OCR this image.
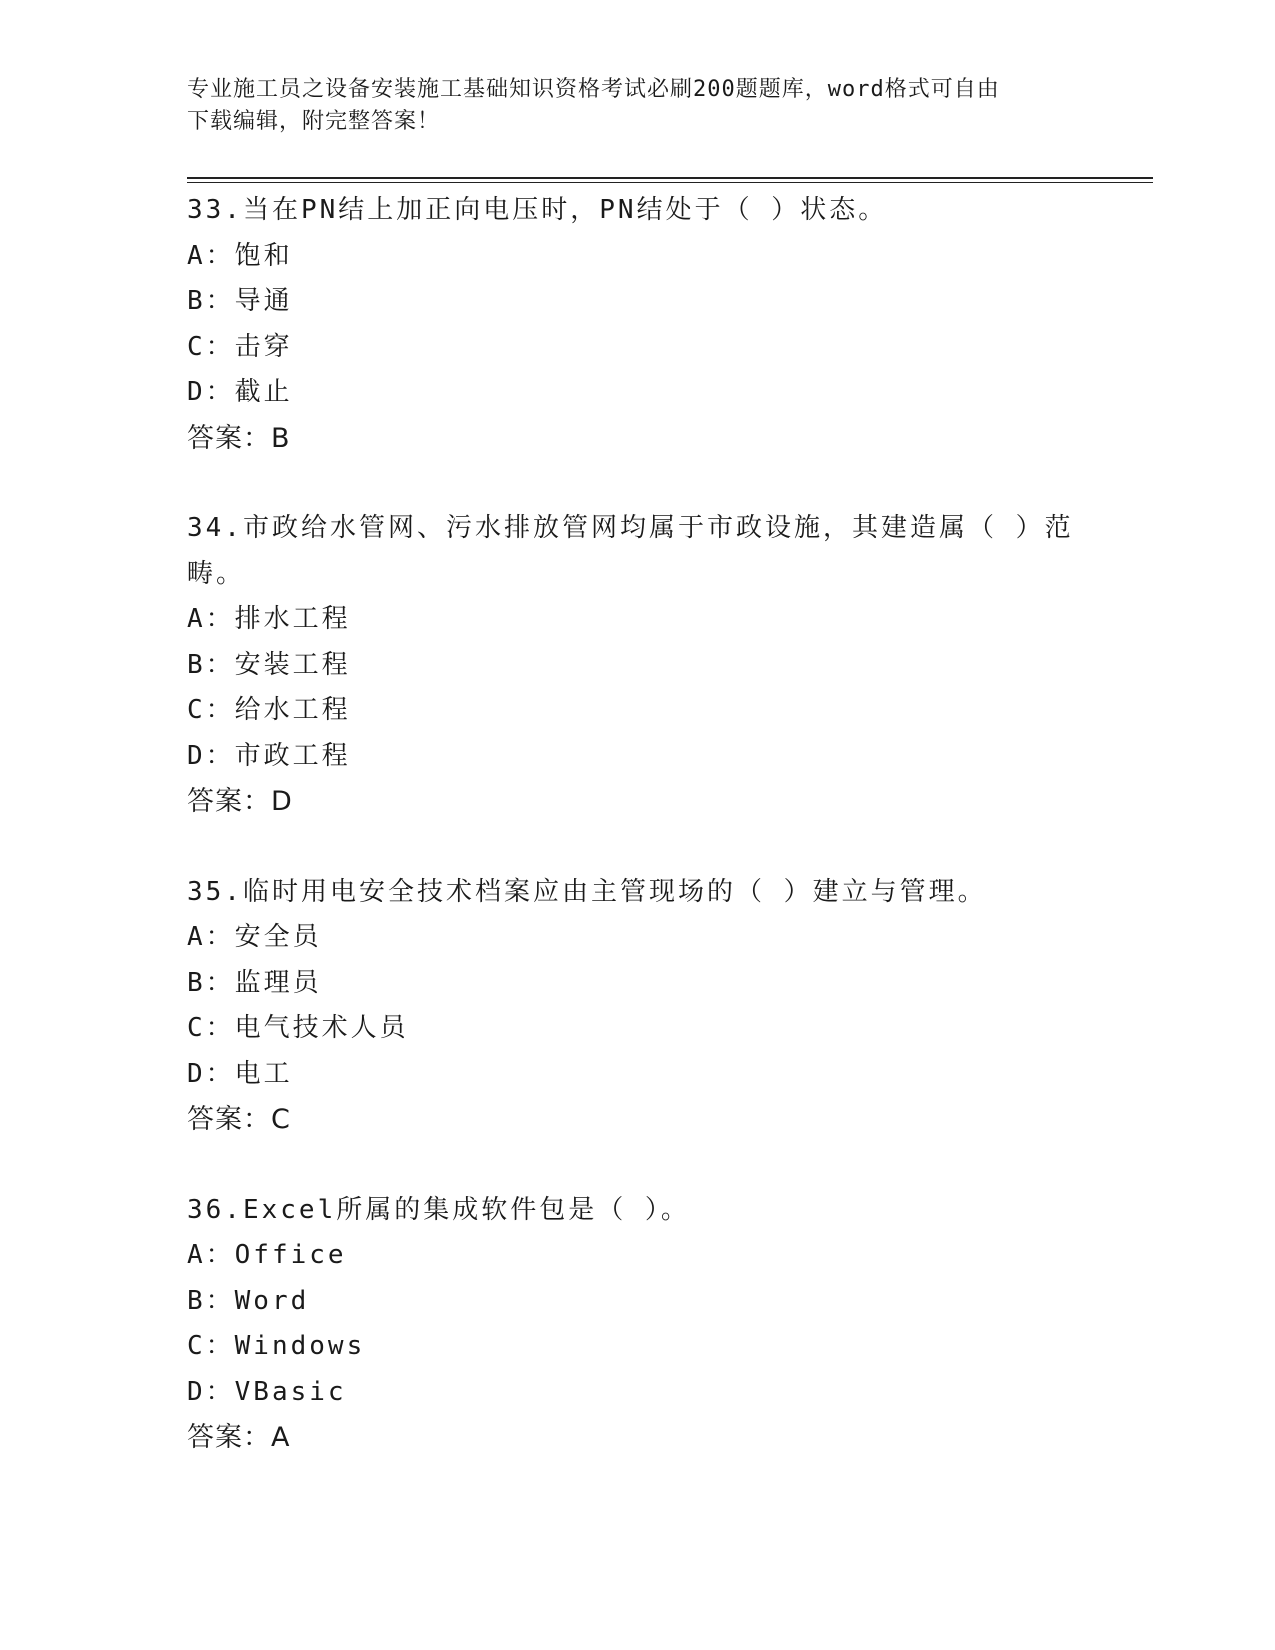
专业施工员之设备安装施工基础知识资格考试必刷200题题库，word格式可自由
下载编辑，附完整答案！
33.当在PN结上加正向电压时，PN结处于（ ）状态。
A：饱和
B：导通
C：击穿
D：截止
答案：B
34.市政给水管网、污水排放管网均属于市政设施，其建造属（ ）范
畴。
A：排水工程
B：安装工程
C：给水工程
D：市政工程
答案：D
35.临时用电安全技术档案应由主管现场的（ ）建立与管理。
A：安全员
B：监理员
C：电气技术人员
D：电工
答案：C
36.Excel所属的集成软件包是（ ）。
A：Office
B：Word
C：Windows
D：VBasic
答案：A
